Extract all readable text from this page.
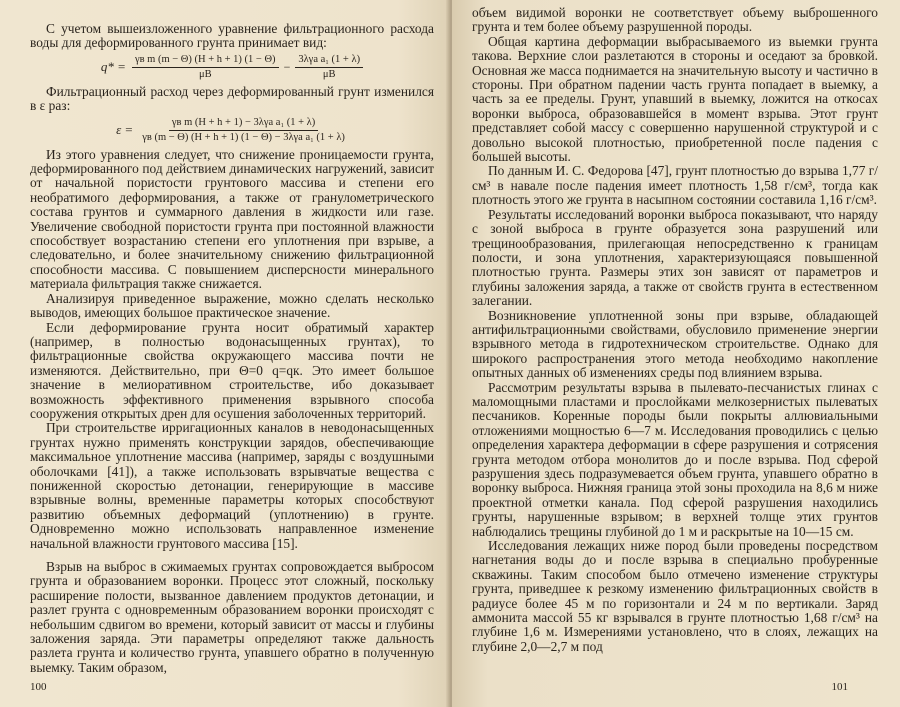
С учетом вышеизложенного уравнение фильтрационного расхода воды для деформированного грунта принимает вид:

$q* = \frac{\text{γв m (m − Θ) (H + h + 1) (1 − Θ)}}{\mu В} - \frac{\text{3λγа a₁ (1 + λ)}}{\mu В}$

Фильтрационный расход через деформированный грунт изменился в ε раз:

$\varepsilon = \frac{\text{γв m (H + h + 1) − 3λγа a₁ (1 + λ)}}{\text{γв (m − Θ) (H + h + 1) (1 − Θ) − 3λγа a₁ (1 + λ)}}$

Из этого уравнения следует, что снижение проницаемости грунта, деформированного под действием динамических нагружений, зависит от начальной пористости грунтового массива и степени его необратимого деформирования, а также от гранулометрического состава грунтов и суммарного давления в жидкости или газе. Увеличение свободной пористости грунта при постоянной влажности способствует возрастанию степени его уплотнения при взрыве, а следовательно, и более значительному снижению фильтрационной способности массива. С повышением дисперсности минерального материала фильтрация также снижается.

Анализируя приведенное выражение, можно сделать несколько выводов, имеющих большое практическое значение.

Если деформирование грунта носит обратимый характер (например, в полностью водонасыщенных грунтах), то фильтрационные свойства окружающего массива почти не изменяются. Действительно, при Θ=0 q=qк. Это имеет большое значение в мелиоративном строительстве, ибо доказывает возможность эффективного применения взрывного способа сооружения открытых дрен для осушения заболоченных территорий.

При строительстве ирригационных каналов в неводонасыщенных грунтах нужно применять конструкции зарядов, обеспечивающие максимальное уплотнение массива (например, заряды с воздушными оболочками [41]), а также использовать взрывчатые вещества с пониженной скоростью детонации, генерирующие в массиве взрывные волны, временные параметры которых способствуют развитию объемных деформаций (уплотнению) в грунте. Одновременно можно использовать направленное изменение начальной влажности грунтового массива [15].

Взрыв на выброс в сжимаемых грунтах сопровождается выбросом грунта и образованием воронки. Процесс этот сложный, поскольку расширение полости, вызванное давлением продуктов детонации, и разлет грунта с одновременным образованием воронки происходят с небольшим сдвигом во времени, который зависит от массы и глубины заложения заряда. Эти параметры определяют также дальность разлета грунта и количество грунта, упавшего обратно в полученную выемку. Таким образом,

100

объем видимой воронки не соответствует объему выброшенного грунта и тем более объему разрушенной породы.

Общая картина деформации выбрасываемого из выемки грунта такова. Верхние слои разлетаются в стороны и оседают за бровкой. Основная же масса поднимается на значительную высоту и частично в стороны. При обратном падении часть грунта попадает в выемку, а часть за ее пределы. Грунт, упавший в выемку, ложится на откосах воронки выброса, образовавшейся в момент взрыва. Этот грунт представляет собой массу с совершенно нарушенной структурой и с довольно высокой плотностью, приобретенной после падения с большей высоты.

По данным И. С. Федорова [47], грунт плотностью до взрыва 1,77 г/см³ в навале после падения имеет плотность 1,58 г/см³, тогда как плотность этого же грунта в насыпном состоянии составила 1,16 г/см³.

Результаты исследований воронки выброса показывают, что наряду с зоной выброса в грунте образуется зона разрушений или трещинообразования, прилегающая непосредственно к границам полости, и зона уплотнения, характеризующаяся повышенной плотностью грунта. Размеры этих зон зависят от параметров и глубины заложения заряда, а также от свойств грунта в естественном залегании.

Возникновение уплотненной зоны при взрыве, обладающей антифильтрационными свойствами, обусловило применение энергии взрывного метода в гидротехническом строительстве. Однако для широкого распространения этого метода необходимо накопление опытных данных об изменениях среды под влиянием взрыва.

Рассмотрим результаты взрыва в пылевато-песчанистых глинах с маломощными пластами и прослойками мелкозернистых пылеватых песчаников. Коренные породы были покрыты аллювиальными отложениями мощностью 6—7 м. Исследования проводились с целью определения характера деформации в сфере разрушения и сотрясения грунта методом отбора монолитов до и после взрыва. Под сферой разрушения здесь подразумевается объем грунта, упавшего обратно в воронку выброса. Нижняя граница этой зоны проходила на 8,6 м ниже проектной отметки канала. Под сферой разрушения находились грунты, нарушенные взрывом; в верхней толще этих грунтов наблюдались трещины глубиной до 1 м и раскрытые на 10—15 см.

Исследования лежащих ниже пород были проведены посредством нагнетания воды до и после взрыва в специально пробуренные скважины. Таким способом было отмечено изменение структуры грунта, приведшее к резкому изменению фильтрационных свойств в радиусе более 45 м по горизонтали и 24 м по вертикали. Заряд аммонита массой 55 кг взрывался в грунте плотностью 1,68 г/см³ на глубине 1,6 м. Измерениями установлено, что в слоях, лежащих на глубине 2,0—2,7 м под

101
